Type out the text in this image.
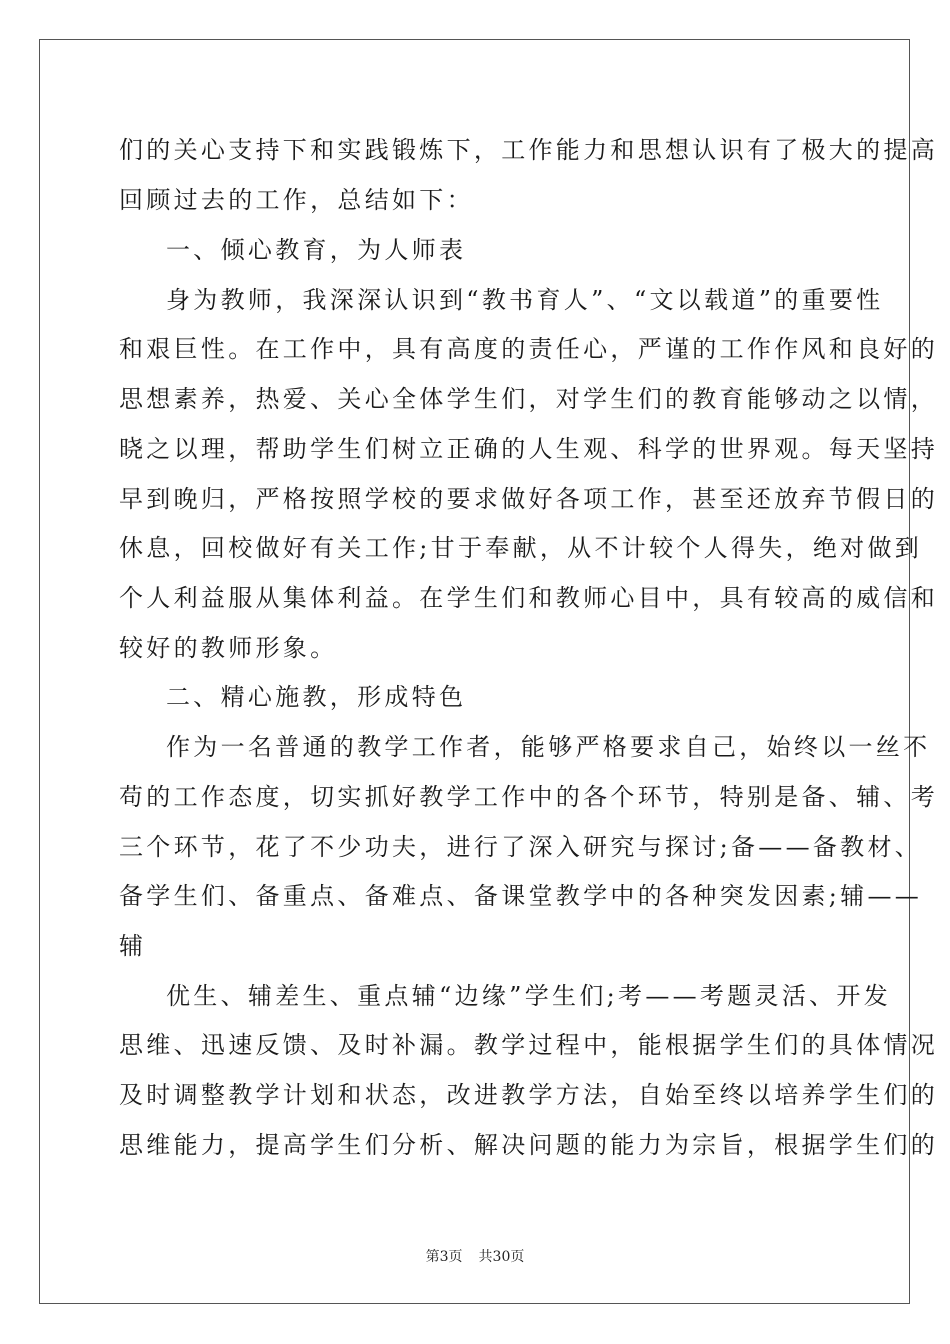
们的关心支持下和实践锻炼下，工作能力和思想认识有了极大的提高
回顾过去的工作，总结如下：
一、倾心教育，为人师表
身为教师，我深深认识到“教书育人”、“文以载道”的重要性
和艰巨性。在工作中，具有高度的责任心，严谨的工作作风和良好的
思想素养，热爱、关心全体学生们，对学生们的教育能够动之以情，
晓之以理，帮助学生们树立正确的人生观、科学的世界观。每天坚持
早到晚归，严格按照学校的要求做好各项工作，甚至还放弃节假日的
休息，回校做好有关工作;甘于奉献，从不计较个人得失，绝对做到
个人利益服从集体利益。在学生们和教师心目中，具有较高的威信和
较好的教师形象。
二、精心施教，形成特色
作为一名普通的教学工作者，能够严格要求自己，始终以一丝不
苟的工作态度，切实抓好教学工作中的各个环节，特别是备、辅、考
三个环节，花了不少功夫，进行了深入研究与探讨;备——备教材、
备学生们、备重点、备难点、备课堂教学中的各种突发因素;辅——
辅
优生、辅差生、重点辅“边缘”学生们;考——考题灵活、开发
思维、迅速反馈、及时补漏。教学过程中，能根据学生们的具体情况
及时调整教学计划和状态，改进教学方法，自始至终以培养学生们的
思维能力，提高学生们分析、解决问题的能力为宗旨，根据学生们的
第3页 共30页
